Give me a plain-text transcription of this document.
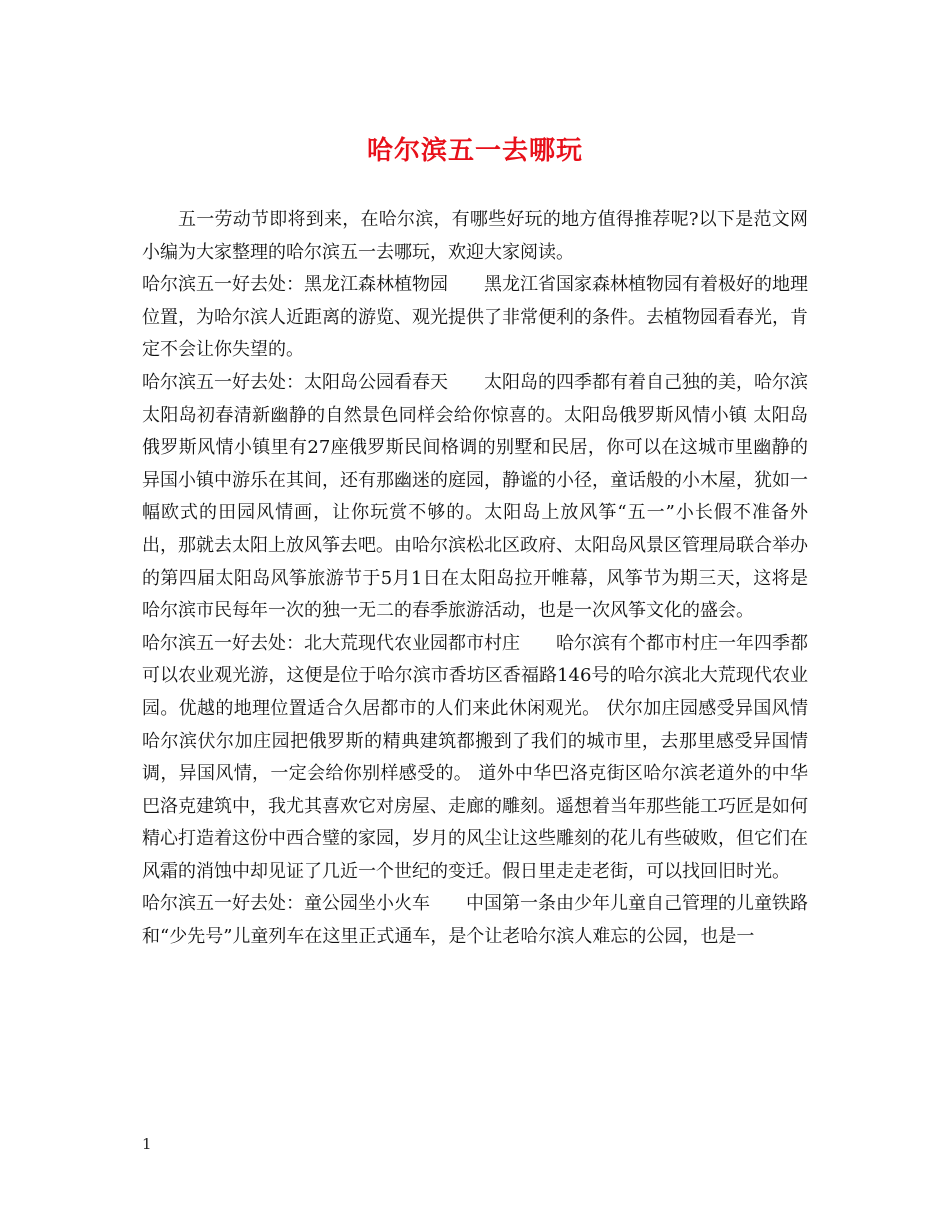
哈尔滨五一去哪玩

五一劳动节即将到来，在哈尔滨，有哪些好玩的地方值得推荐呢?以下是范文网小编为大家整理的哈尔滨五一去哪玩，欢迎大家阅读。

哈尔滨五一好去处：黑龙江森林植物园 黑龙江省国家森林植物园有着极好的地理位置，为哈尔滨人近距离的游览、观光提供了非常便利的条件。去植物园看春光，肯定不会让你失望的。

哈尔滨五一好去处：太阳岛公园看春天 太阳岛的四季都有着自己独的美，哈尔滨太阳岛初春清新幽静的自然景色同样会给你惊喜的。太阳岛俄罗斯风情小镇 太阳岛俄罗斯风情小镇里有27座俄罗斯民间格调的别墅和民居，你可以在这城市里幽静的异国小镇中游乐在其间，还有那幽迷的庭园，静谧的小径，童话般的小木屋，犹如一幅欧式的田园风情画，让你玩赏不够的。太阳岛上放风筝“五一”小长假不准备外出，那就去太阳上放风筝去吧。由哈尔滨松北区政府、太阳岛风景区管理局联合举办的第四届太阳岛风筝旅游节于5月1日在太阳岛拉开帷幕，风筝节为期三天，这将是哈尔滨市民每年一次的独一无二的春季旅游活动，也是一次风筝文化的盛会。

哈尔滨五一好去处：北大荒现代农业园都市村庄 哈尔滨有个都市村庄一年四季都可以农业观光游，这便是位于哈尔滨市香坊区香福路146号的哈尔滨北大荒现代农业园。优越的地理位置适合久居都市的人们来此休闲观光。 伏尔加庄园感受异国风情 哈尔滨伏尔加庄园把俄罗斯的精典建筑都搬到了我们的城市里，去那里感受异国情调，异国风情，一定会给你别样感受的。 道外中华巴洛克街区哈尔滨老道外的中华巴洛克建筑中，我尤其喜欢它对房屋、走廊的雕刻。遥想着当年那些能工巧匠是如何精心打造着这份中西合璧的家园，岁月的风尘让这些雕刻的花儿有些破败，但它们在风霜的消蚀中却见证了几近一个世纪的变迁。假日里走走老街，可以找回旧时光。

哈尔滨五一好去处：童公园坐小火车 中国第一条由少年儿童自己管理的儿童铁路和“少先号”儿童列车在这里正式通车，是个让老哈尔滨人难忘的公园，也是一

1
